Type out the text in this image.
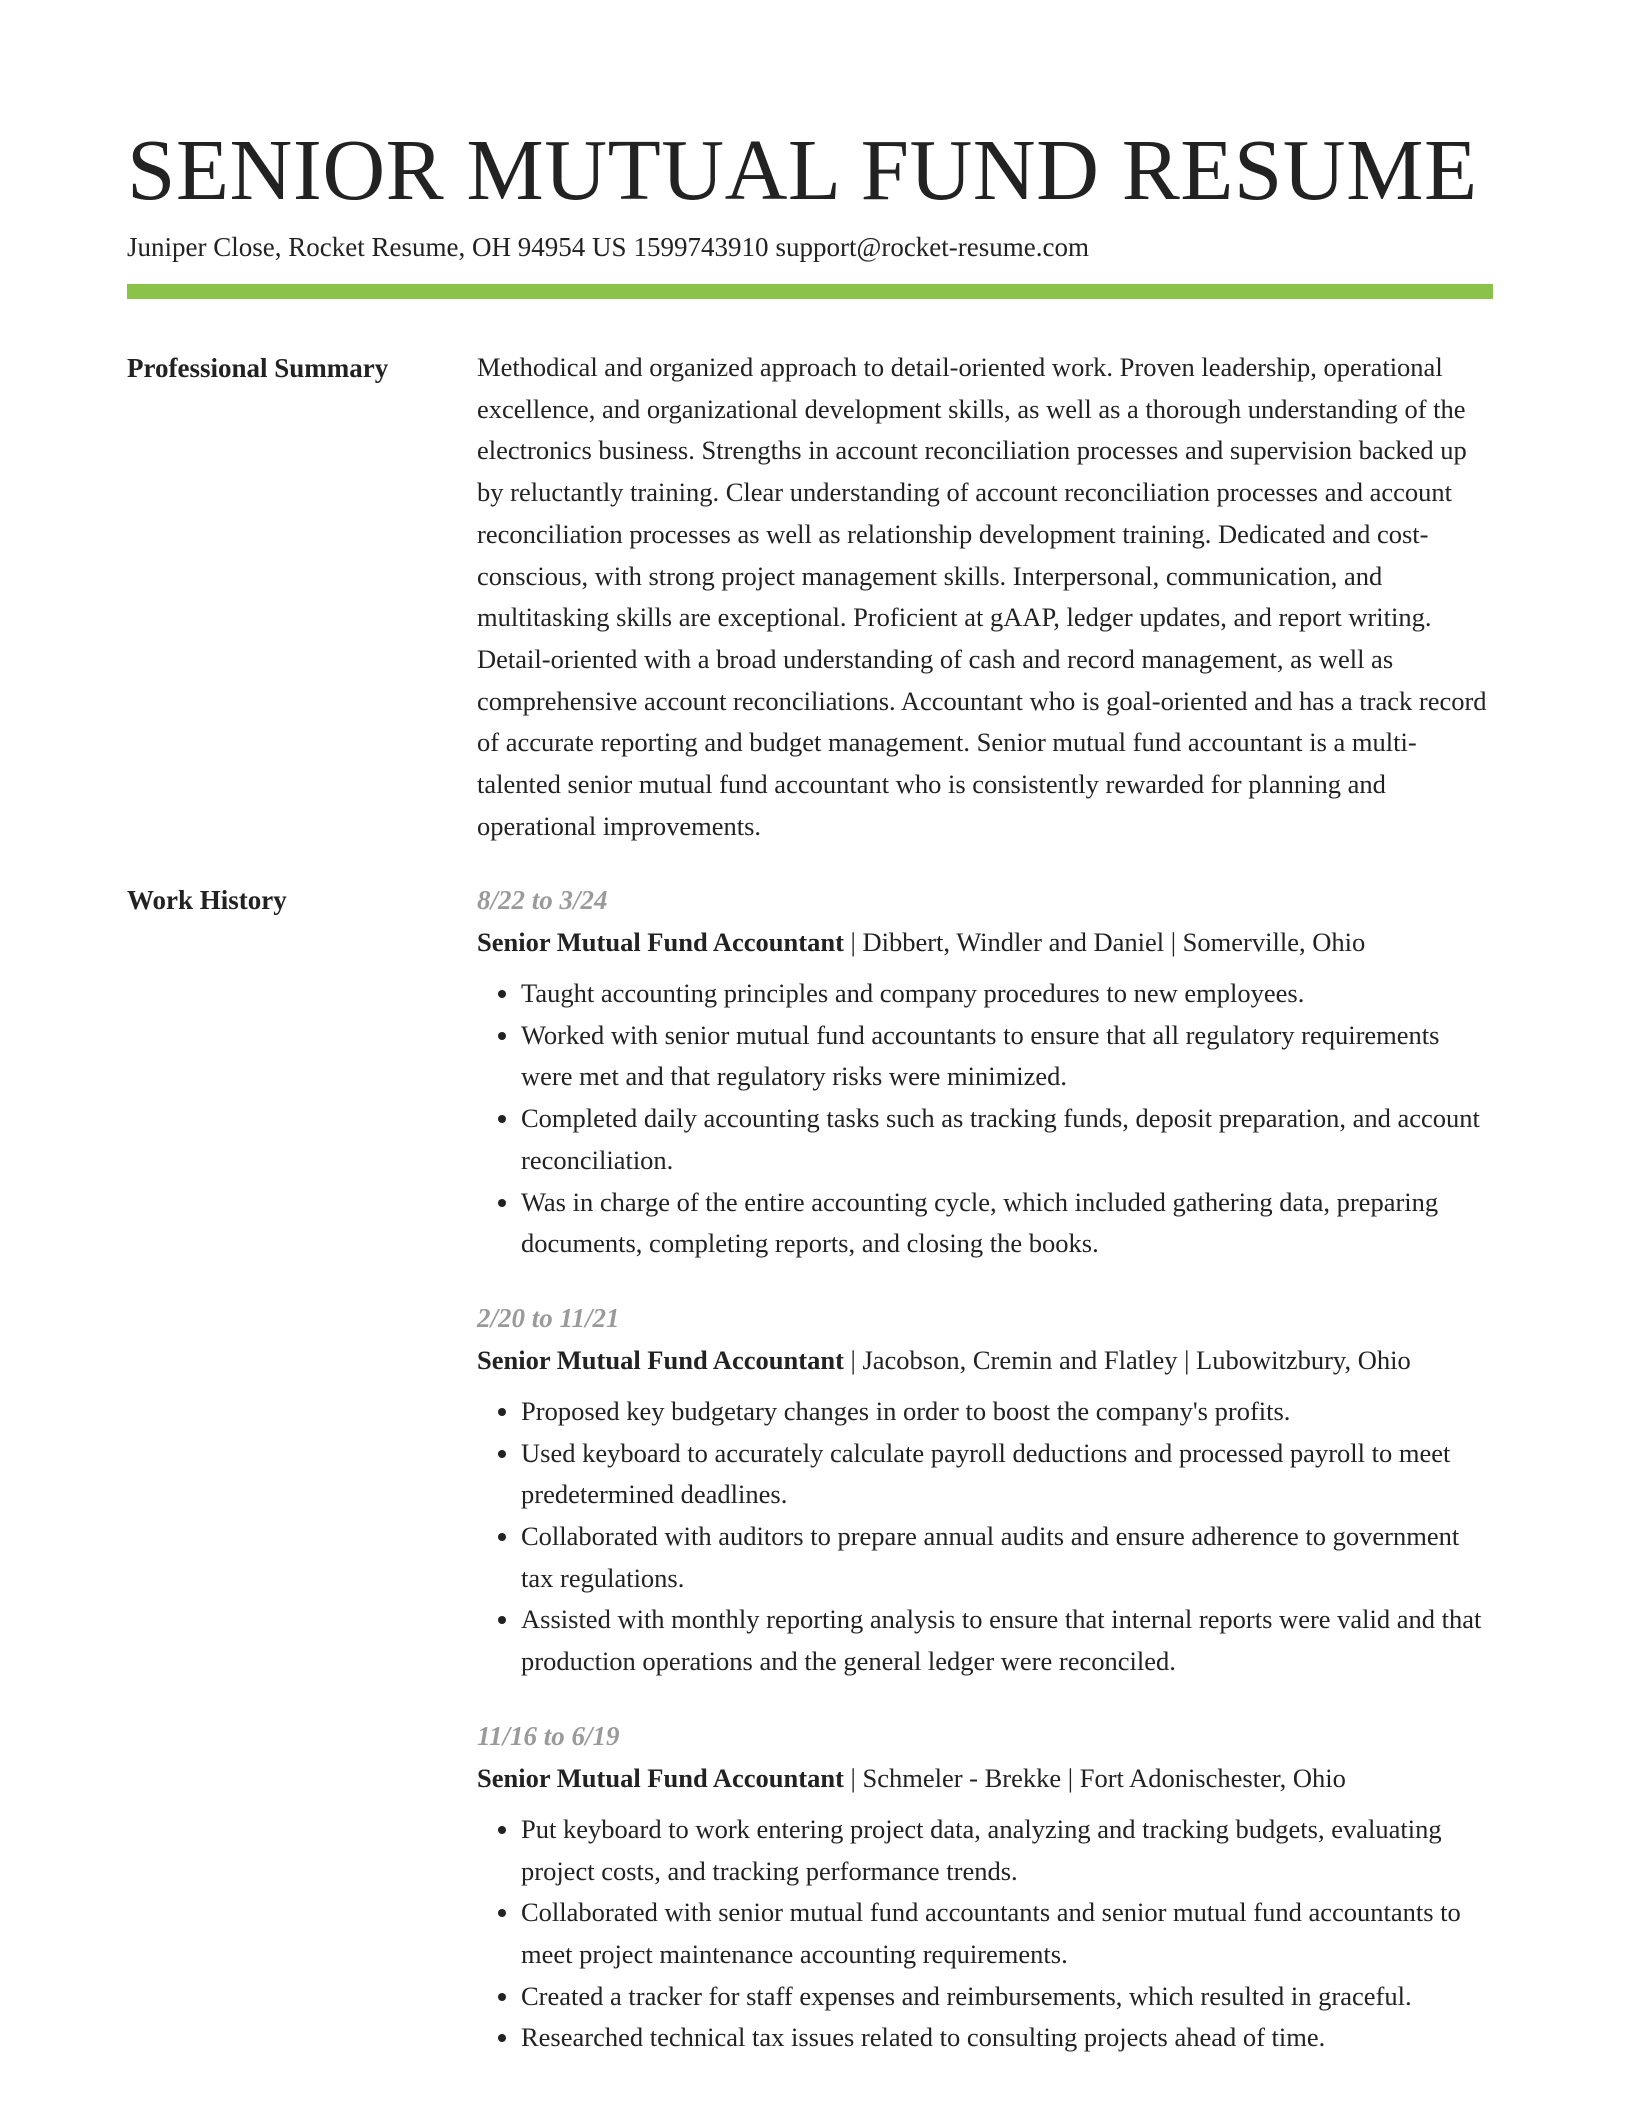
SENIOR MUTUAL FUND RESUME
Juniper Close, Rocket Resume, OH 94954 US 1599743910 support@rocket-resume.com
Professional Summary	Methodical and organized approach to detail-oriented work. Proven leadership, operational excellence, and organizational development skills, as well as a thorough understanding of the electronics business. Strengths in account reconciliation processes and supervision backed up by reluctantly training. Clear understanding of account reconciliation processes and account reconciliation processes as well as relationship development training. Dedicated and cost-conscious, with strong project management skills. Interpersonal, communication, and multitasking skills are exceptional. Proficient at gAAP, ledger updates, and report writing. Detail-oriented with a broad understanding of cash and record management, as well as comprehensive account reconciliations. Accountant who is goal-oriented and has a track record of accurate reporting and budget management. Senior mutual fund accountant is a multi-talented senior mutual fund accountant who is consistently rewarded for planning and operational improvements.

Work History	8/22 to 3/24
Senior Mutual Fund Accountant | Dibbert, Windler and Daniel | Somerville, Ohio
• Taught accounting principles and company procedures to new employees.
• Worked with senior mutual fund accountants to ensure that all regulatory requirements were met and that regulatory risks were minimized.
• Completed daily accounting tasks such as tracking funds, deposit preparation, and account reconciliation.
• Was in charge of the entire accounting cycle, which included gathering data, preparing documents, completing reports, and closing the books.
2/20 to 11/21
Senior Mutual Fund Accountant | Jacobson, Cremin and Flatley | Lubowitzbury, Ohio
• Proposed key budgetary changes in order to boost the company's profits.
• Used keyboard to accurately calculate payroll deductions and processed payroll to meet predetermined deadlines.
• Collaborated with auditors to prepare annual audits and ensure adherence to government tax regulations.
• Assisted with monthly reporting analysis to ensure that internal reports were valid and that production operations and the general ledger were reconciled.
11/16 to 6/19
Senior Mutual Fund Accountant | Schmeler - Brekke | Fort Adonischester, Ohio
• Put keyboard to work entering project data, analyzing and tracking budgets, evaluating project costs, and tracking performance trends.
• Collaborated with senior mutual fund accountants and senior mutual fund accountants to meet project maintenance accounting requirements.
• Created a tracker for staff expenses and reimbursements, which resulted in graceful.
• Researched technical tax issues related to consulting projects ahead of time.
